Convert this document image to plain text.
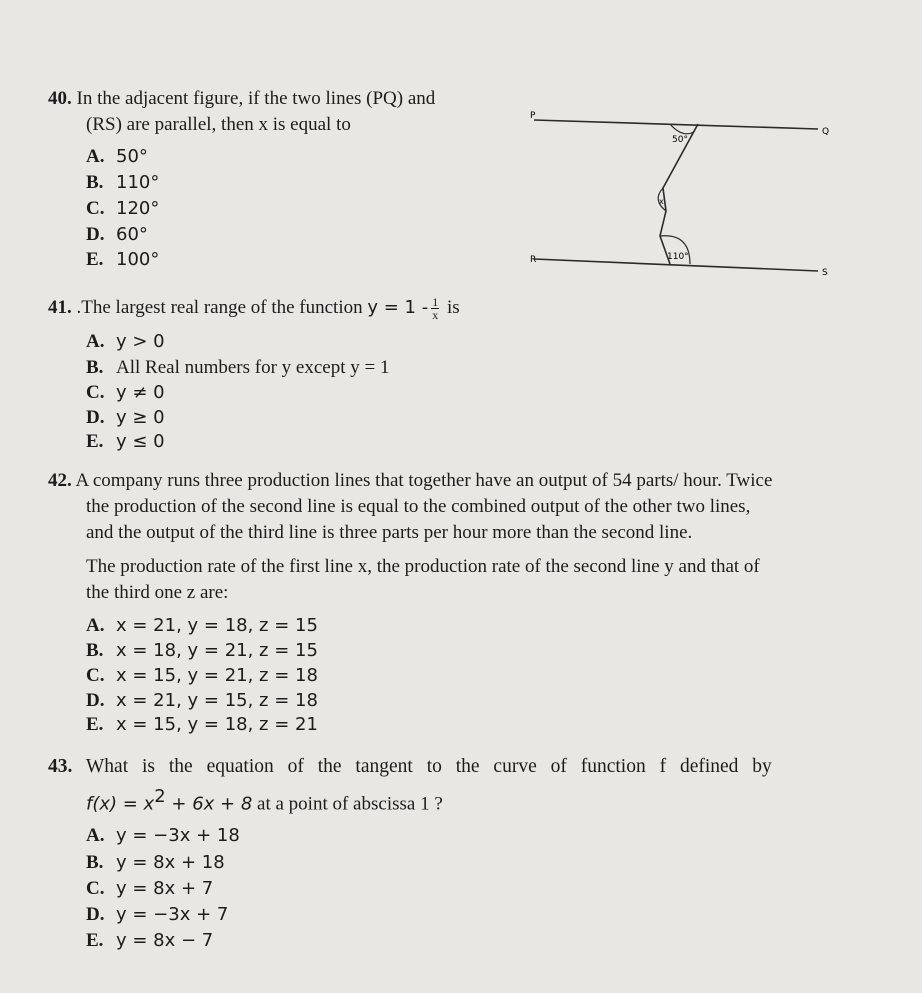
40. In the adjacent figure, if the two lines (PQ) and
(RS) are parallel, then x is equal to
A. 50°
B. 110°
C. 120°
D. 60°
E. 100°
P
Q
R
S
50°
x
110°
41. .The largest real range of the function $y = 1 - \frac{1}{x}$ is
A. y > 0
B. All Real numbers for y except y = 1
C. y ≠ 0
D. y ≥ 0
E. y ≤ 0
42. A company runs three production lines that together have an output of 54 parts/ hour. Twice
the production of the second line is equal to the combined output of the other two lines,
and the output of the third line is three parts per hour more than the second line.
The production rate of the first line x, the production rate of the second line y and that of
the third one z are:
A. x = 21, y = 18, z = 15
B. x = 18, y = 21, z = 15
C. x = 15, y = 21, z = 18
D. x = 21, y = 15, z = 18
E. x = 15, y = 18, z = 21
43. What is the equation of the tangent to the curve of function f defined by
$f(x) = x^2 + 6x + 8$ at a point of abscissa 1 ?
A. y = −3x + 18
B. y = 8x + 18
C. y = 8x + 7
D. y = −3x + 7
E. y = 8x − 7
